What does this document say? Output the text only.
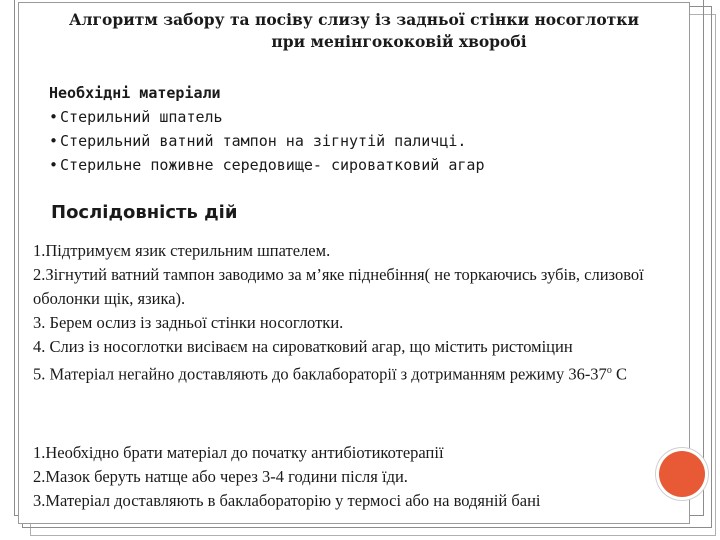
Алгоритм забору та посіву слизу із задньої стінки носоглотки
при менінгококовій хворобі
Необхідні матеріали
• Стерильний шпатель
• Стерильний ватний тампон на зігнутій паличці.
• Стерильне поживне середовище- сироватковий агар
Послідовність дій

1.Підтримуєм язик стерильним шпателем.

2.Зігнутий ватний тампон заводимо за м’яке піднебіння( не торкаючись зубів, слизової оболонки щік, язика).

3. Берем ослиз із задньої стінки носоглотки.

4. Слиз із носоглотки висіваєм на сироватковий агар, що містить ристоміцин

5. Матеріал негайно доставляють до баклабораторії з дотриманням режиму $36-37^о$ С

1.Необхідно брати матеріал до початку антибіотикотерапії

2.Мазок беруть натще або через 3-4 години після їди.

3.Матеріал доставляють в баклабораторію у термосі або на водяній бані
